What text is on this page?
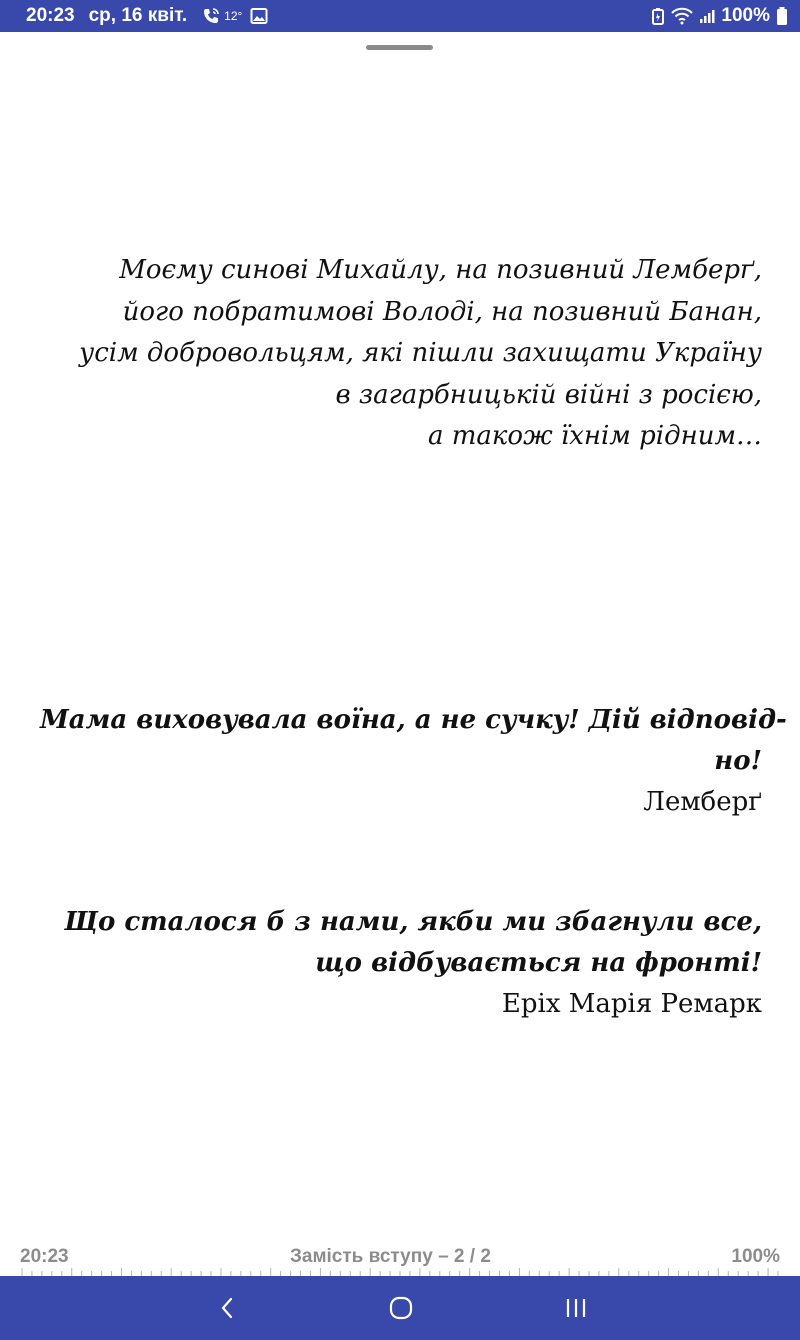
20:23 ср, 16 квіт.	12°	100%
Моєму синові Михайлу, на позивний Лемберґ,
його побратимові Володі, на позивний Банан,
усім добровольцям, які пішли захищати Україну
в загарбницькій війні з росією,
а також їхнім рідним…
Мама виховувала воїна, а не сучку! Дій відповід-
но!
Лемберґ
Що сталося б з нами, якби ми збагнули все,
що відбувається на фронті!
Еріх Марія Ремарк
20:23	Замість вступу – 2 / 2	100%
